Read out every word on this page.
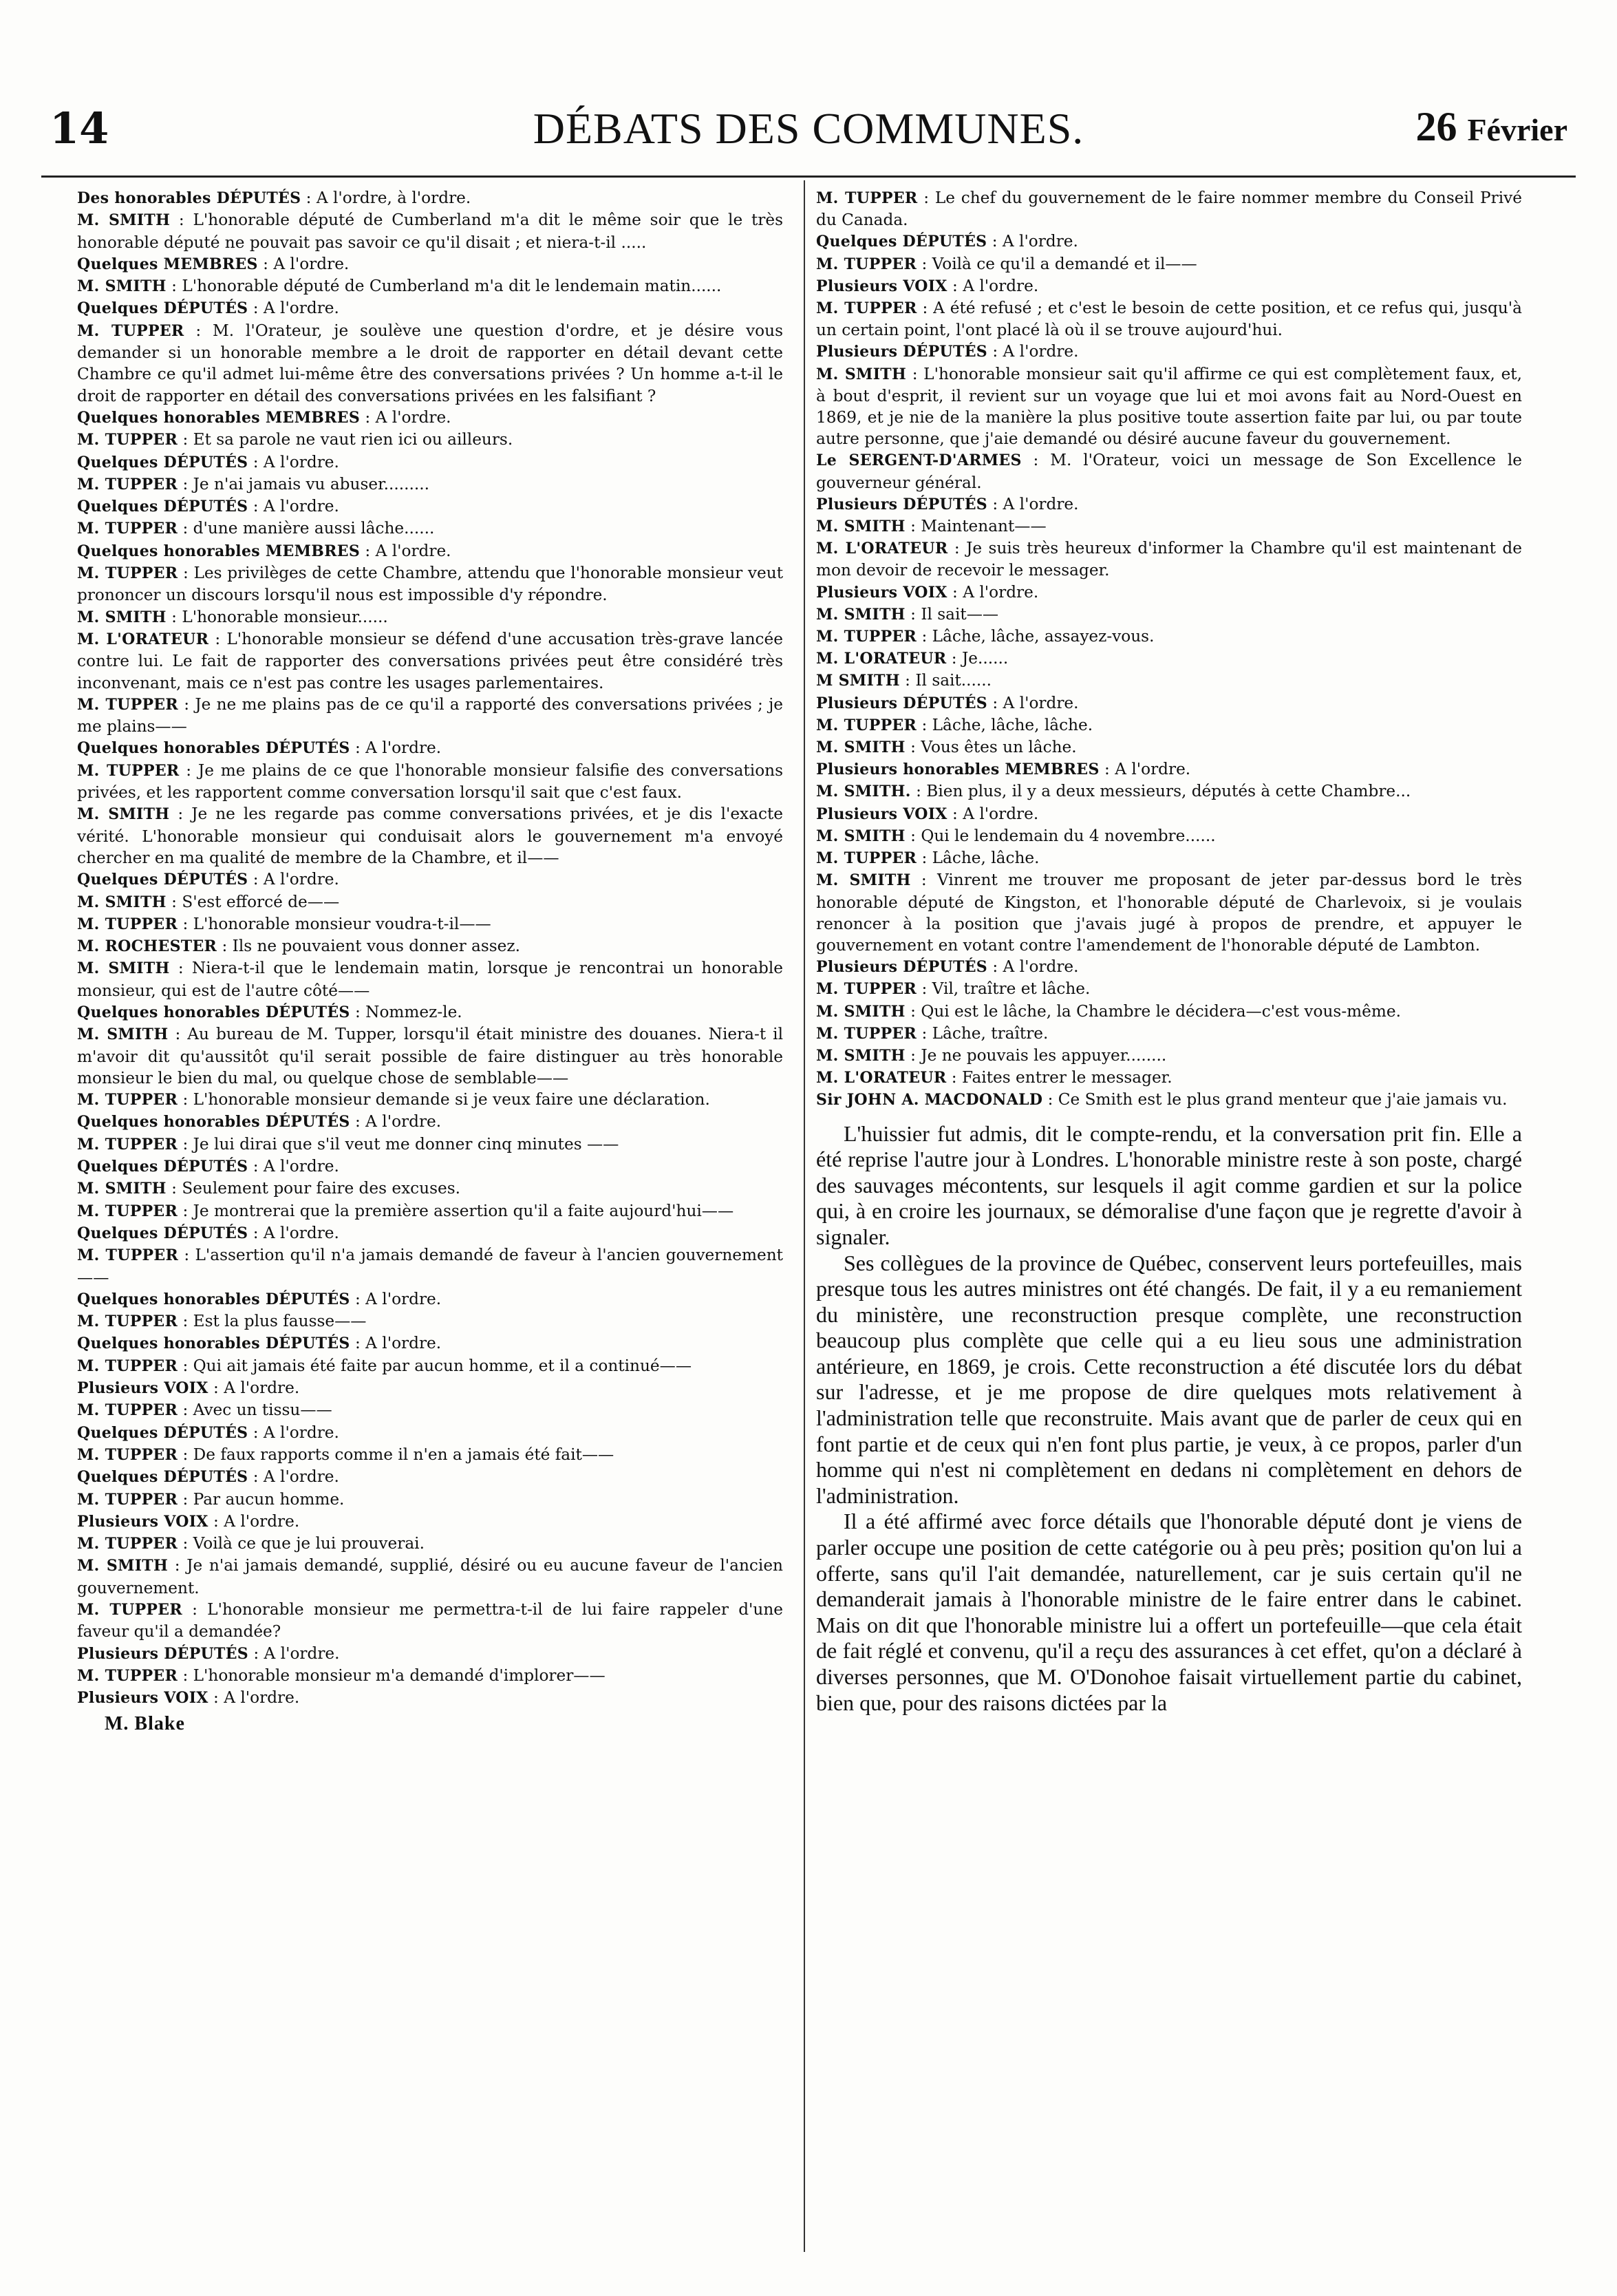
14	DÉBATS DES COMMUNES.	26 Février

Des honorables DÉPUTÉS : A l'ordre, à l'ordre.

M. SMITH : L'honorable député de Cumberland m'a dit le même soir que le très honorable député ne pouvait pas savoir ce qu'il disait ; et niera-t-il .....

Quelques MEMBRES : A l'ordre.

M. SMITH : L'honorable député de Cumberland m'a dit le lendemain matin......

Quelques DÉPUTÉS : A l'ordre.

M. TUPPER : M. l'Orateur, je soulève une question d'ordre, et je désire vous demander si un honorable membre a le droit de rapporter en détail devant cette Chambre ce qu'il admet lui-même être des conversations privées ? Un homme a-t-il le droit de rapporter en détail des conversations privées en les falsifiant ?

Quelques honorables MEMBRES : A l'ordre.

M. TUPPER : Et sa parole ne vaut rien ici ou ailleurs.

Quelques DÉPUTÉS : A l'ordre.

M. TUPPER : Je n'ai jamais vu abuser.........

Quelques DÉPUTÉS : A l'ordre.

M. TUPPER : d'une manière aussi lâche......

Quelques honorables MEMBRES : A l'ordre.

M. TUPPER : Les privilèges de cette Chambre, attendu que l'honorable monsieur veut prononcer un discours lorsqu'il nous est impossible d'y répondre.

M. SMITH : L'honorable monsieur......

M. L'ORATEUR : L'honorable monsieur se défend d'une accusation très-grave lancée contre lui. Le fait de rapporter des conversations privées peut être considéré très inconvenant, mais ce n'est pas contre les usages parlementaires.

M. TUPPER : Je ne me plains pas de ce qu'il a rapporté des conversations privées ; je me plains——

Quelques honorables DÉPUTÉS : A l'ordre.

M. TUPPER : Je me plains de ce que l'honorable monsieur falsifie des conversations privées, et les rapportent comme conversation lorsqu'il sait que c'est faux.

M. SMITH : Je ne les regarde pas comme conversations privées, et je dis l'exacte vérité. L'honorable monsieur qui conduisait alors le gouvernement m'a envoyé chercher en ma qualité de membre de la Chambre, et il——

Quelques DÉPUTÉS : A l'ordre.

M. SMITH : S'est efforcé de——

M. TUPPER : L'honorable monsieur voudra-t-il——

M. ROCHESTER : Ils ne pouvaient vous donner assez.

M. SMITH : Niera-t-il que le lendemain matin, lorsque je rencontrai un honorable monsieur, qui est de l'autre côté——

Quelques honorables DÉPUTÉS : Nommez-le.

M. SMITH : Au bureau de M. Tupper, lorsqu'il était ministre des douanes. Niera-t il m'avoir dit qu'aussitôt qu'il serait possible de faire distinguer au très honorable monsieur le bien du mal, ou quelque chose de semblable——

M. TUPPER : L'honorable monsieur demande si je veux faire une déclaration.

Quelques honorables DÉPUTÉS : A l'ordre.

M. TUPPER : Je lui dirai que s'il veut me donner cinq minutes ——

Quelques DÉPUTÉS : A l'ordre.

M. SMITH : Seulement pour faire des excuses.

M. TUPPER : Je montrerai que la première assertion qu'il a faite aujourd'hui——

Quelques DÉPUTÉS : A l'ordre.

M. TUPPER : L'assertion qu'il n'a jamais demandé de faveur à l'ancien gouvernement——

Quelques honorables DÉPUTÉS : A l'ordre.

M. TUPPER : Est la plus fausse——

Quelques honorables DÉPUTÉS : A l'ordre.

M. TUPPER : Qui ait jamais été faite par aucun homme, et il a continué——

Plusieurs VOIX : A l'ordre.

M. TUPPER : Avec un tissu——

Quelques DÉPUTÉS : A l'ordre.

M. TUPPER : De faux rapports comme il n'en a jamais été fait——

Quelques DÉPUTÉS : A l'ordre.

M. TUPPER : Par aucun homme.

Plusieurs VOIX : A l'ordre.

M. TUPPER : Voilà ce que je lui prouverai.

M. SMITH : Je n'ai jamais demandé, supplié, désiré ou eu aucune faveur de l'ancien gouvernement.

M. TUPPER : L'honorable monsieur me permettra-t-il de lui faire rappeler d'une faveur qu'il a demandée?

Plusieurs DÉPUTÉS : A l'ordre.

M. TUPPER : L'honorable monsieur m'a demandé d'implorer——

Plusieurs VOIX : A l'ordre.

M. Blake

M. TUPPER : Le chef du gouvernement de le faire nommer membre du Conseil Privé du Canada.

Quelques DÉPUTÉS : A l'ordre.

M. TUPPER : Voilà ce qu'il a demandé et il——

Plusieurs VOIX : A l'ordre.

M. TUPPER : A été refusé ; et c'est le besoin de cette position, et ce refus qui, jusqu'à un certain point, l'ont placé là où il se trouve aujourd'hui.

Plusieurs DÉPUTÉS : A l'ordre.

M. SMITH : L'honorable monsieur sait qu'il affirme ce qui est complètement faux, et, à bout d'esprit, il revient sur un voyage que lui et moi avons fait au Nord-Ouest en 1869, et je nie de la manière la plus positive toute assertion faite par lui, ou par toute autre personne, que j'aie demandé ou désiré aucune faveur du gouvernement.

Le SERGENT-D'ARMES : M. l'Orateur, voici un message de Son Excellence le gouverneur général.

Plusieurs DÉPUTÉS : A l'ordre.

M. SMITH : Maintenant——

M. L'ORATEUR : Je suis très heureux d'informer la Chambre qu'il est maintenant de mon devoir de recevoir le messager.

Plusieurs VOIX : A l'ordre.

M. SMITH : Il sait——

M. TUPPER : Lâche, lâche, assayez-vous.

M. L'ORATEUR : Je......

M SMITH : Il sait......

Plusieurs DÉPUTÉS : A l'ordre.

M. TUPPER : Lâche, lâche, lâche.

M. SMITH : Vous êtes un lâche.

Plusieurs honorables MEMBRES : A l'ordre.

M. SMITH. : Bien plus, il y a deux messieurs, députés à cette Chambre...

Plusieurs VOIX : A l'ordre.

M. SMITH : Qui le lendemain du 4 novembre......

M. TUPPER : Lâche, lâche.

M. SMITH : Vinrent me trouver me proposant de jeter par-dessus bord le très honorable député de Kingston, et l'honorable député de Charlevoix, si je voulais renoncer à la position que j'avais jugé à propos de prendre, et appuyer le gouvernement en votant contre l'amendement de l'honorable député de Lambton.

Plusieurs DÉPUTÉS : A l'ordre.

M. TUPPER : Vil, traître et lâche.

M. SMITH : Qui est le lâche, la Chambre le décidera—c'est vous-même.

M. TUPPER : Lâche, traître.

M. SMITH : Je ne pouvais les appuyer........

M. L'ORATEUR : Faites entrer le messager.

Sir JOHN A. MACDONALD : Ce Smith est le plus grand menteur que j'aie jamais vu.

L'huissier fut admis, dit le compte-rendu, et la conversation prit fin. Elle a été reprise l'autre jour à Londres. L'honorable ministre reste à son poste, chargé des sauvages mécontents, sur lesquels il agit comme gardien et sur la police qui, à en croire les journaux, se démoralise d'une façon que je regrette d'avoir à signaler.

Ses collègues de la province de Québec, conservent leurs portefeuilles, mais presque tous les autres ministres ont été changés. De fait, il y a eu remaniement du ministère, une reconstruction presque complète, une reconstruction beaucoup plus complète que celle qui a eu lieu sous une administration antérieure, en 1869, je crois. Cette reconstruction a été discutée lors du débat sur l'adresse, et je me propose de dire quelques mots relativement à l'administration telle que reconstruite. Mais avant que de parler de ceux qui en font partie et de ceux qui n'en font plus partie, je veux, à ce propos, parler d'un homme qui n'est ni complètement en dedans ni complètement en dehors de l'administration.

Il a été affirmé avec force détails que l'honorable député dont je viens de parler occupe une position de cette catégorie ou à peu près; position qu'on lui a offerte, sans qu'il l'ait demandée, naturellement, car je suis certain qu'il ne demanderait jamais à l'honorable ministre de le faire entrer dans le cabinet. Mais on dit que l'honorable ministre lui a offert un portefeuille—que cela était de fait réglé et convenu, qu'il a reçu des assurances à cet effet, qu'on a déclaré à diverses personnes, que M. O'Donohoe faisait virtuellement partie du cabinet, bien que, pour des raisons dictées par la
